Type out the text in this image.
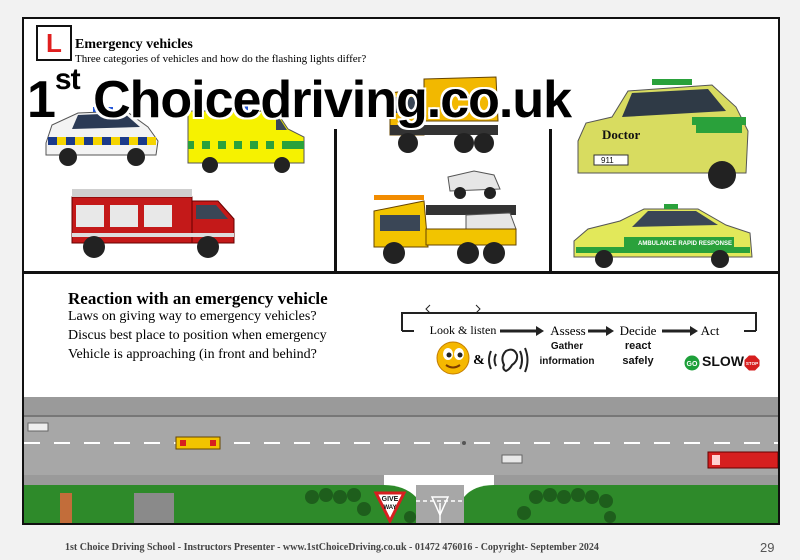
L Emergency vehicles
Three categories of vehicles and how do the flashing lights differ?
Doctor
911
AMBULANCE RAPID RESPONSE
1st Choicedriving.co.uk
Reaction with an emergency vehicle
Laws on giving way to emergency vehicles?
Discus best place to position when emergency
Vehicle is approaching (in front and behind?
Look & listen
&
Assess
Gather
information
Decide
react
safely
Act
GO SLOW STOP
GIVE
WAY
1st Choice Driving School - Instructors Presenter - www.1stChoiceDriving.co.uk - 01472 476016 - Copyright- September 2024	29
